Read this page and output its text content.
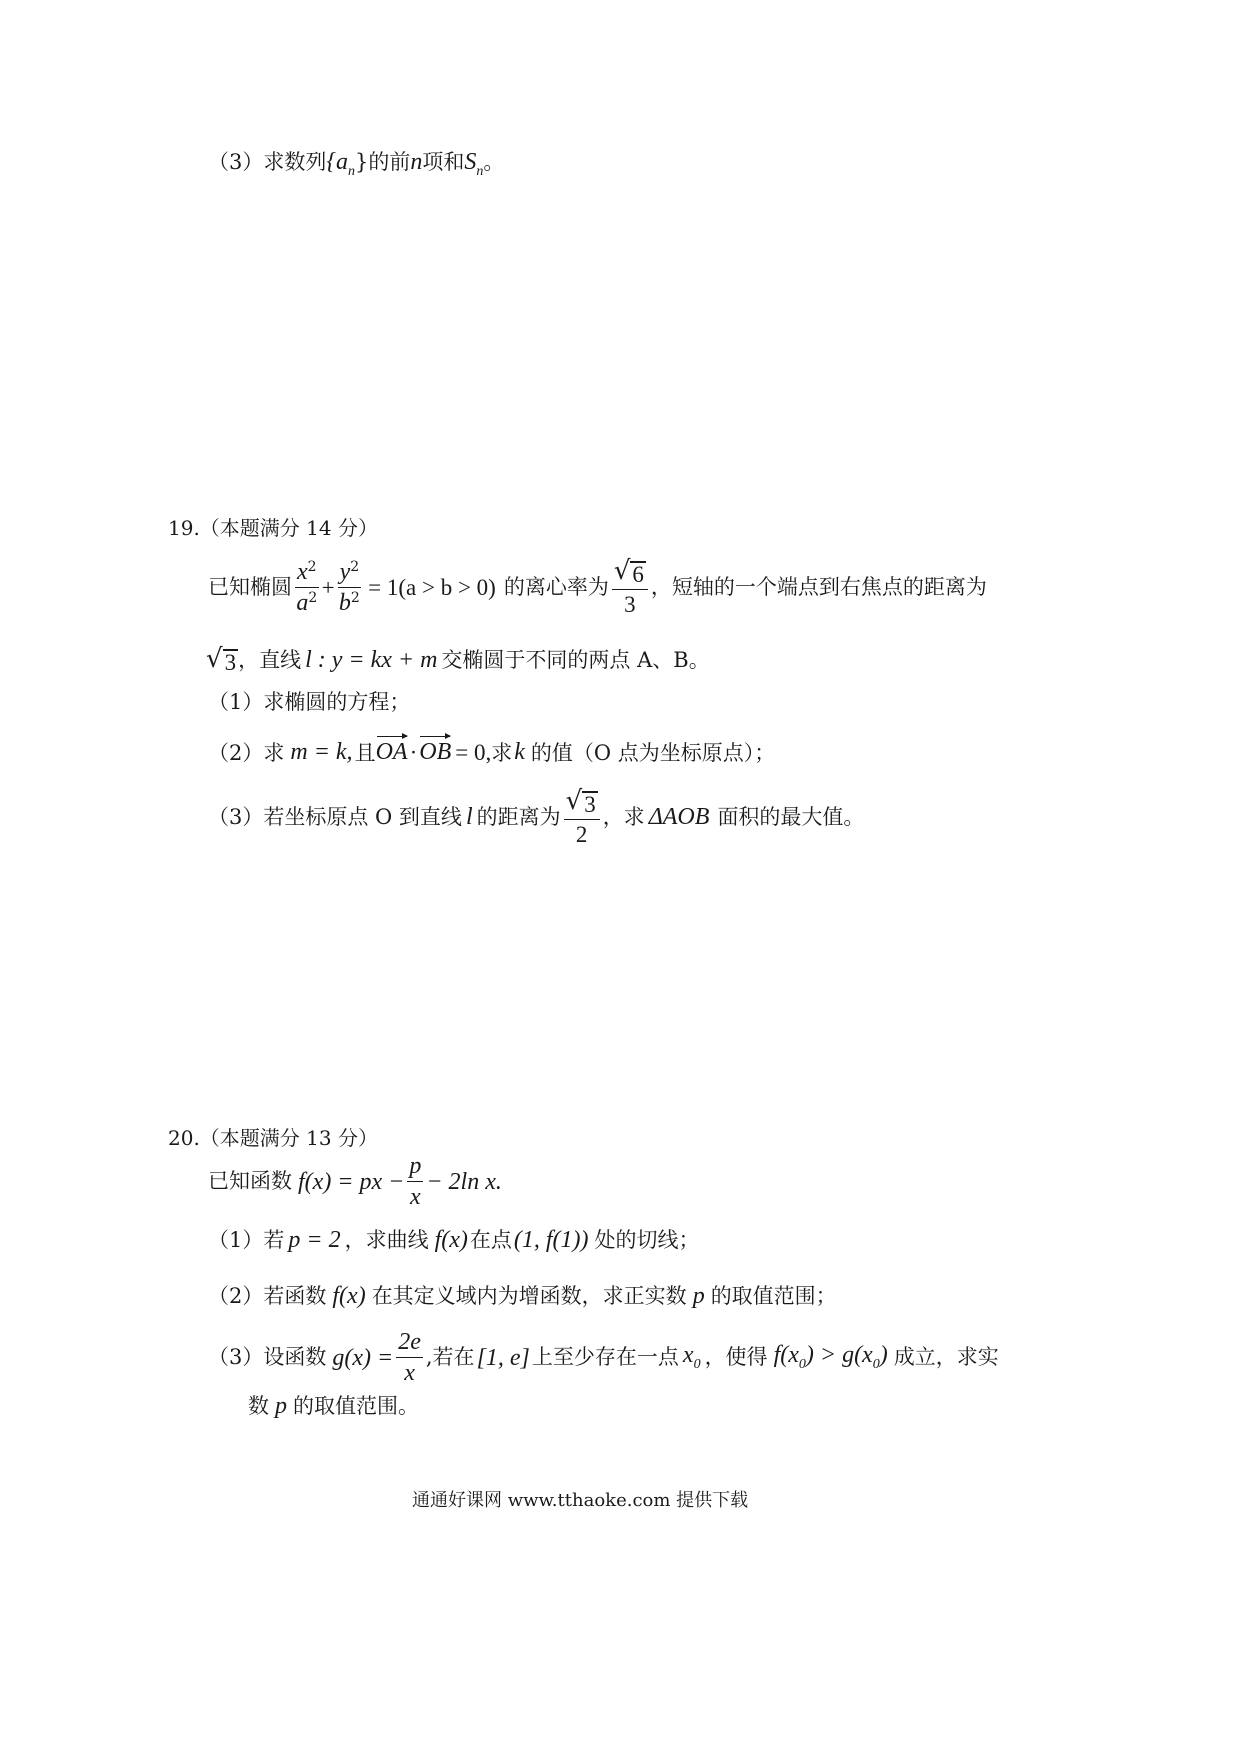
（3）求数列$\{a_n\}$的前n项和$S_n$。
19.（本题满分 14 分）
已知椭圆 $\frac{x^2}{a^2} + \frac{y^2}{b^2} = 1(a > b > 0)$ 的离心率为 $\frac{√ 6}{3}$ ，短轴的一个端点到右焦点的距离为
√ 3 ，直线 l : y = kx + m 交椭圆于不同的两点 A、B。
（1）求椭圆的方程；
（2）求 m = k, 且 OA · OB = 0, 求 k 的值（O 点为坐标原点）；
（3）若坐标原点 O 到直线 l 的距离为 $\frac{√ 3}{2}$ ，求 ΔAOB 面积的最大值。
20.（本题满分 13 分）
已知函数 f(x) = px − $\frac{p}{x} - 2\ln$ x.
（1）若 p = 2 ，求曲线 f(x)在点(1, f(1)) 处的切线；
（2）若函数 f(x) 在其定义域内为增函数，求正实数 p 的取值范围；
（3）设函数 $g(x) = \frac{2e}{x}$ ,若在 [1, e] 上至少存在一点 $x_0$ ，使得 $f(x_0) > g(x_0)$ 成立，求实
数 p 的取值范围。
通通好课网 www.tthaoke.com 提供下载
